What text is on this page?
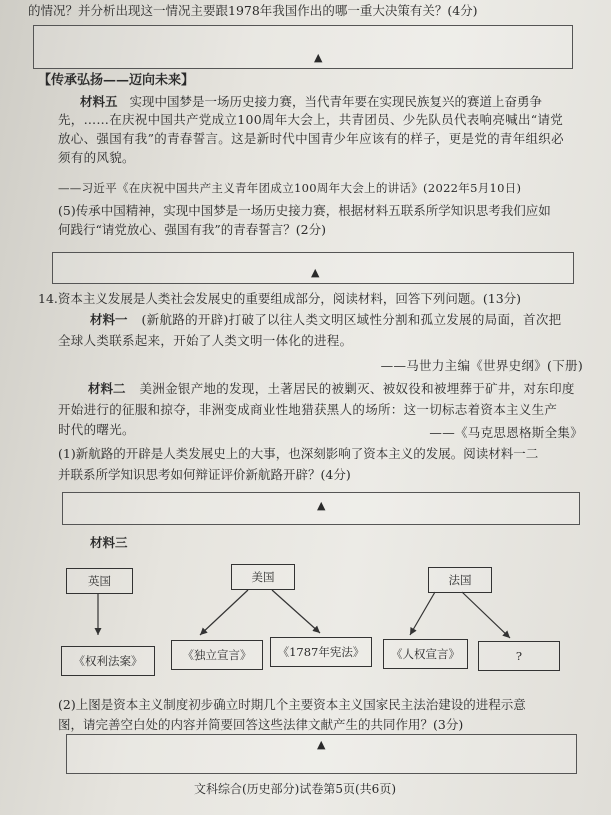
的情况？并分析出现这一情况主要跟1978年我国作出的哪一重大决策有关？(4分)
▲
【传承弘扬——迈向未来】
材料五 实现中国梦是一场历史接力赛，当代青年要在实现民族复兴的赛道上奋勇争
先，……在庆祝中国共产党成立100周年大会上，共青团员、少先队员代表响亮喊出“请党
放心、强国有我”的青春誓言。这是新时代中国青少年应该有的样子，更是党的青年组织必
须有的风貌。
——习近平《在庆祝中国共产主义青年团成立100周年大会上的讲话》(2022年5月10日)
(5)传承中国精神，实现中国梦是一场历史接力赛，根据材料五联系所学知识思考我们应如
何践行“请党放心、强国有我”的青春誓言？(2分)
▲
14.资本主义发展是人类社会发展史的重要组成部分，阅读材料，回答下列问题。(13分)
材料一 (新航路的开辟)打破了以往人类文明区域性分割和孤立发展的局面，首次把
全球人类联系起来，开始了人类文明一体化的进程。
——马世力主编《世界史纲》(下册)
材料二 美洲金银产地的发现，土著居民的被剿灭、被奴役和被埋葬于矿井，对东印度
开始进行的征服和掠夺，非洲变成商业性地猎获黑人的场所：这一切标志着资本主义生产
时代的曙光。	——《马克思恩格斯全集》
(1)新航路的开辟是人类发展史上的大事，也深刻影响了资本主义的发展。阅读材料一二
并联系所学知识思考如何辩证评价新航路开辟？(4分)
▲
材料三
英国	美国	法国
《权利法案》	《独立宣言》	《1787年宪法》	《人权宣言》	?
(2)上图是资本主义制度初步确立时期几个主要资本主义国家民主法治建设的进程示意
图，请完善空白处的内容并简要回答这些法律文献产生的共同作用？(3分)
▲
文科综合(历史部分)试卷第5页(共6页)
